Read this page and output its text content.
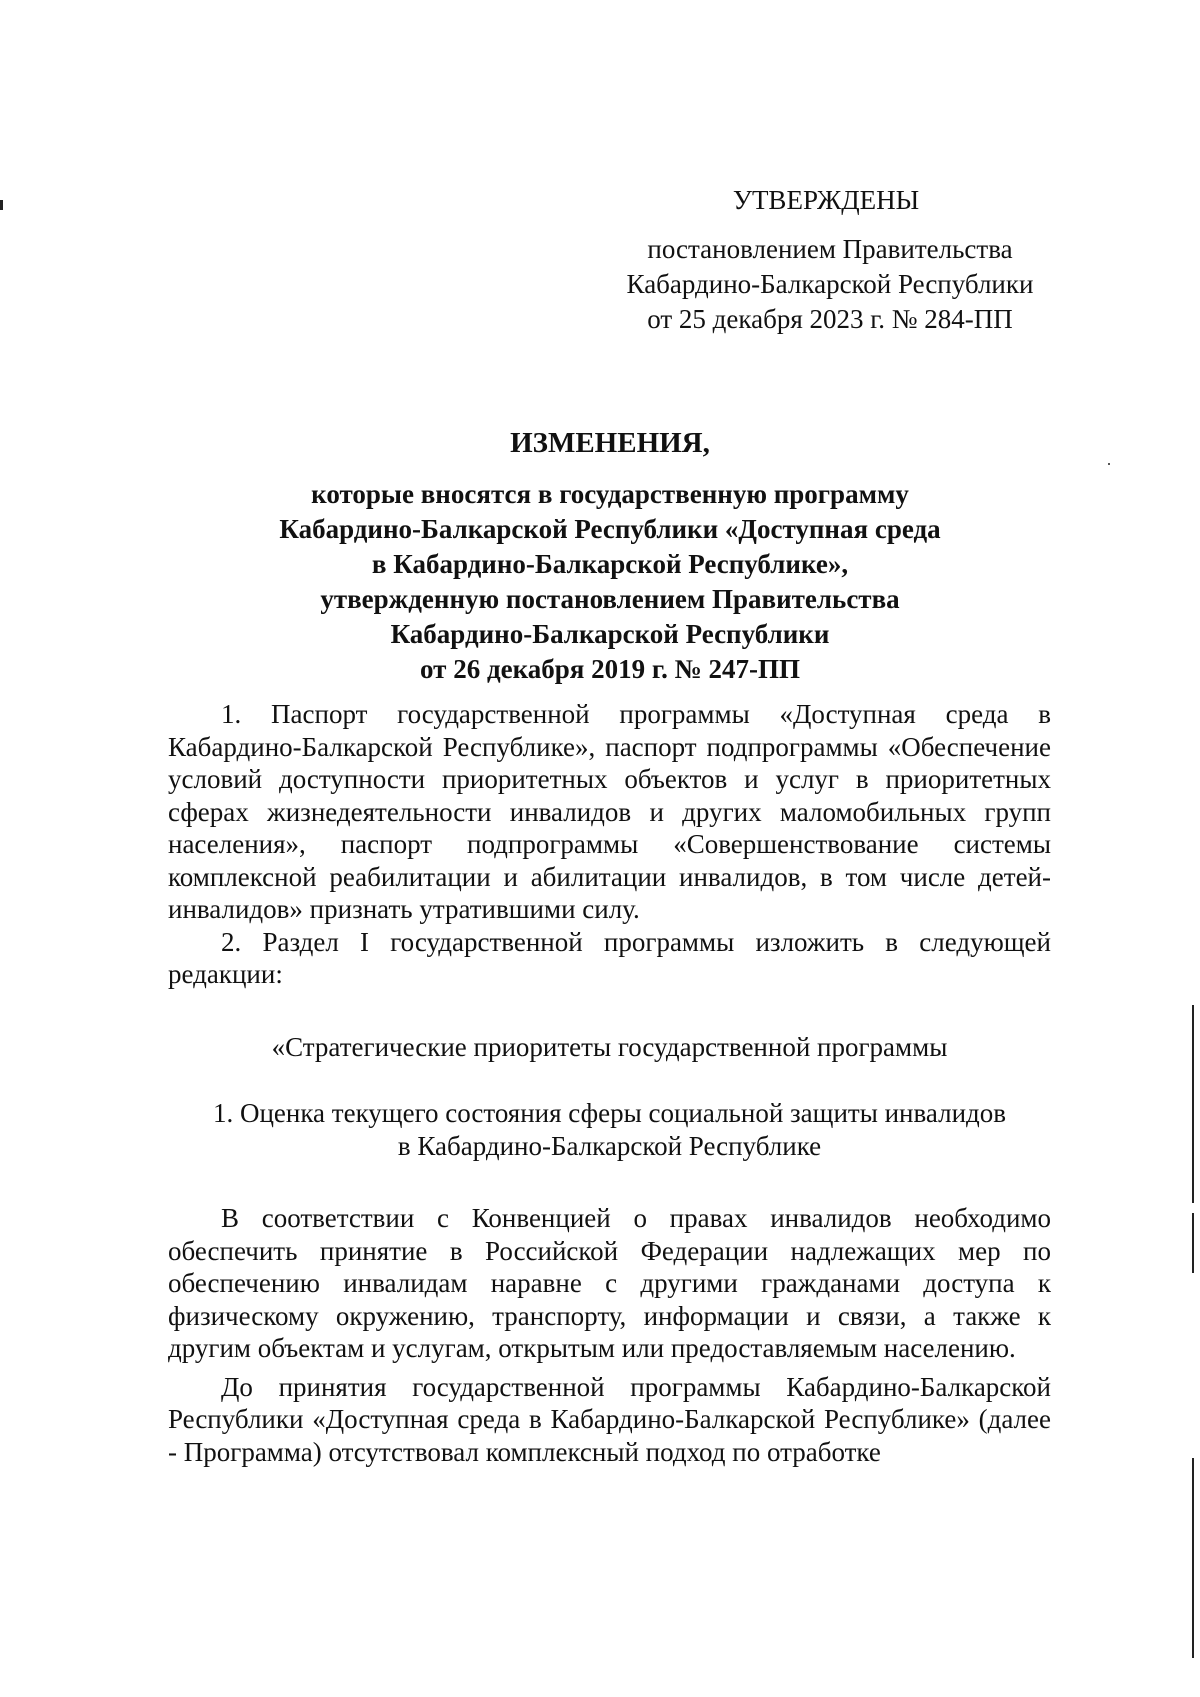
УТВЕРЖДЕНЫ
постановлением Правительства
Кабардино-Балкарской Республики
от 25 декабря 2023 г. № 284-ПП
ИЗМЕНЕНИЯ,
которые вносятся в государственную программу
Кабардино-Балкарской Республики «Доступная среда
в Кабардино-Балкарской Республике»,
утвержденную постановлением Правительства
Кабардино-Балкарской Республики
от 26 декабря 2019 г. № 247-ПП

1. Паспорт государственной программы «Доступная среда в Кабардино-Балкарской Республике», паспорт подпрограммы «Обеспечение условий доступности приоритетных объектов и услуг в приоритетных сферах жизнедеятельности инвалидов и других маломобильных групп населения», паспорт подпрограммы «Совершенствование системы комплексной реабилитации и абилитации инвалидов, в том числе детей-инвалидов» признать утратившими силу.

2. Раздел I государственной программы изложить в следующей редакции:

«Стратегические приоритеты государственной программы

1. Оценка текущего состояния сферы социальной защиты инвалидов

в Кабардино-Балкарской Республике

В соответствии с Конвенцией о правах инвалидов необходимо обеспечить принятие в Российской Федерации надлежащих мер по обеспечению инвалидам наравне с другими гражданами доступа к физическому окружению, транспорту, информации и связи, а также к другим объектам и услугам, открытым или предоставляемым населению.

До принятия государственной программы Кабардино-Балкарской Республики «Доступная среда в Кабардино-Балкарской Республике» (далее - Программа) отсутствовал комплексный подход по отработке
